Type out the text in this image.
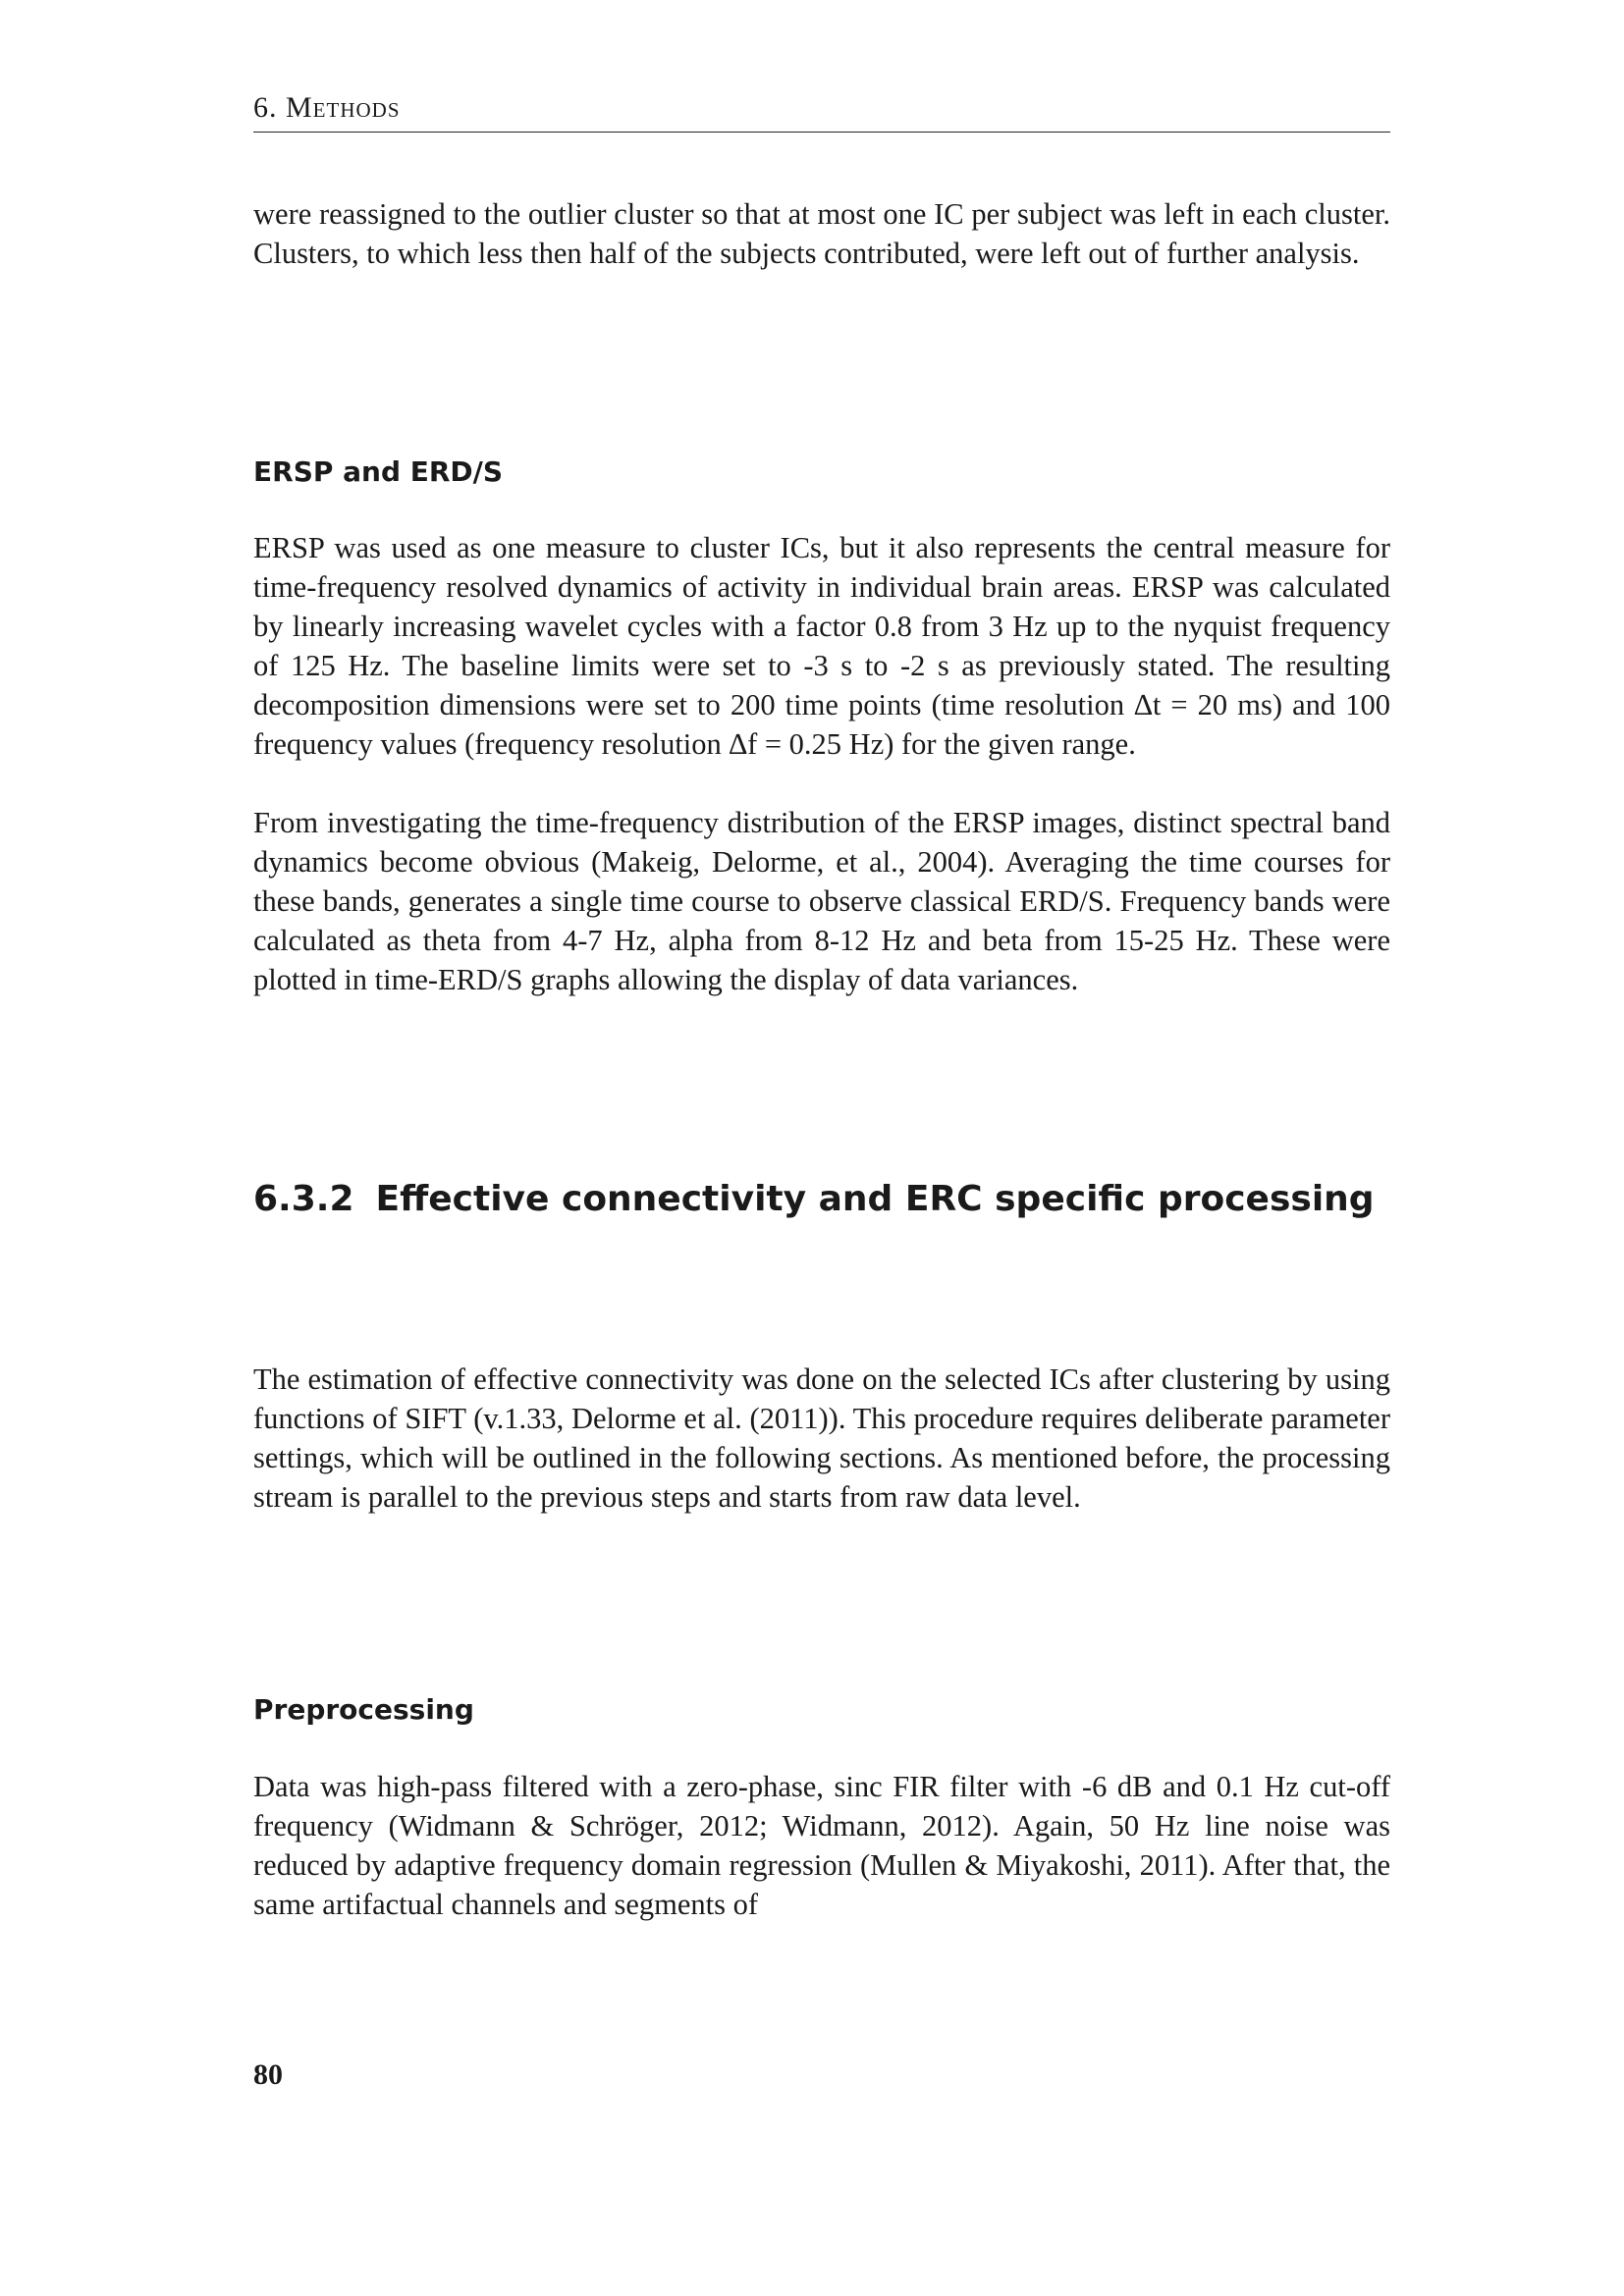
6. Methods

were reassigned to the outlier cluster so that at most one IC per subject was left in each cluster. Clusters, to which less then half of the subjects contributed, were left out of further analysis.

ERSP and ERD/S

ERSP was used as one measure to cluster ICs, but it also represents the central measure for time-frequency resolved dynamics of activity in individual brain areas. ERSP was calculated by linearly increasing wavelet cycles with a factor 0.8 from 3 Hz up to the nyquist frequency of 125 Hz. The baseline limits were set to -3 s to -2 s as previously stated. The resulting decomposition dimensions were set to 200 time points (time resolution ∆t = 20 ms) and 100 frequency values (frequency resolution ∆f = 0.25 Hz) for the given range.

From investigating the time-frequency distribution of the ERSP images, distinct spectral band dynamics become obvious (Makeig, Delorme, et al., 2004). Averaging the time courses for these bands, generates a single time course to observe classical ERD/S. Frequency bands were calculated as theta from 4-7 Hz, alpha from 8-12 Hz and beta from 15-25 Hz. These were plotted in time-ERD/S graphs allowing the display of data variances.

6.3.2 Effective connectivity and ERC specific processing

The estimation of effective connectivity was done on the selected ICs after clustering by using functions of SIFT (v.1.33, Delorme et al. (2011)). This procedure requires deliberate parameter settings, which will be outlined in the following sections. As mentioned before, the processing stream is parallel to the previous steps and starts from raw data level.

Preprocessing

Data was high-pass filtered with a zero-phase, sinc FIR filter with -6 dB and 0.1 Hz cut-off frequency (Widmann & Schröger, 2012; Widmann, 2012). Again, 50 Hz line noise was reduced by adaptive frequency domain regression (Mullen & Miyakoshi, 2011). After that, the same artifactual channels and segments of

80
